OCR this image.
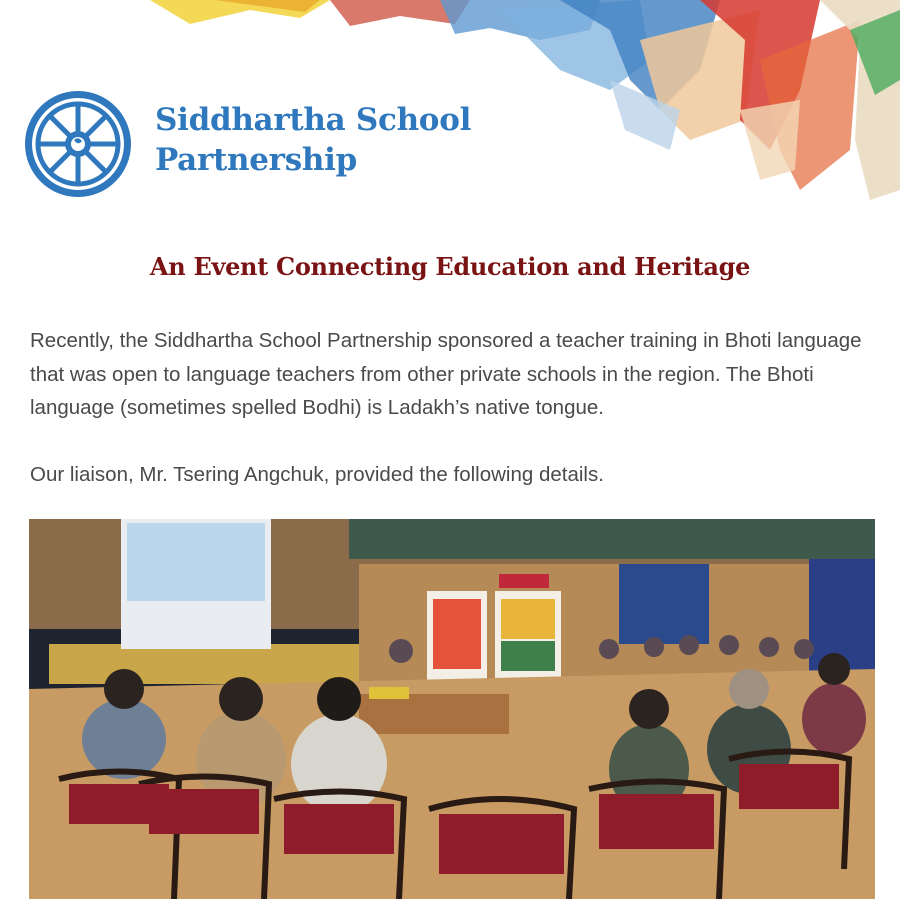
Siddhartha School
Partnership
An Event Connecting Education and Heritage
Recently, the Siddhartha School Partnership sponsored a teacher training in Bhoti language that was open to language teachers from other private schools in the region. The Bhoti language (sometimes spelled Bodhi) is Ladakh’s native tongue.
Our liaison, Mr. Tsering Angchuk, provided the following details.
